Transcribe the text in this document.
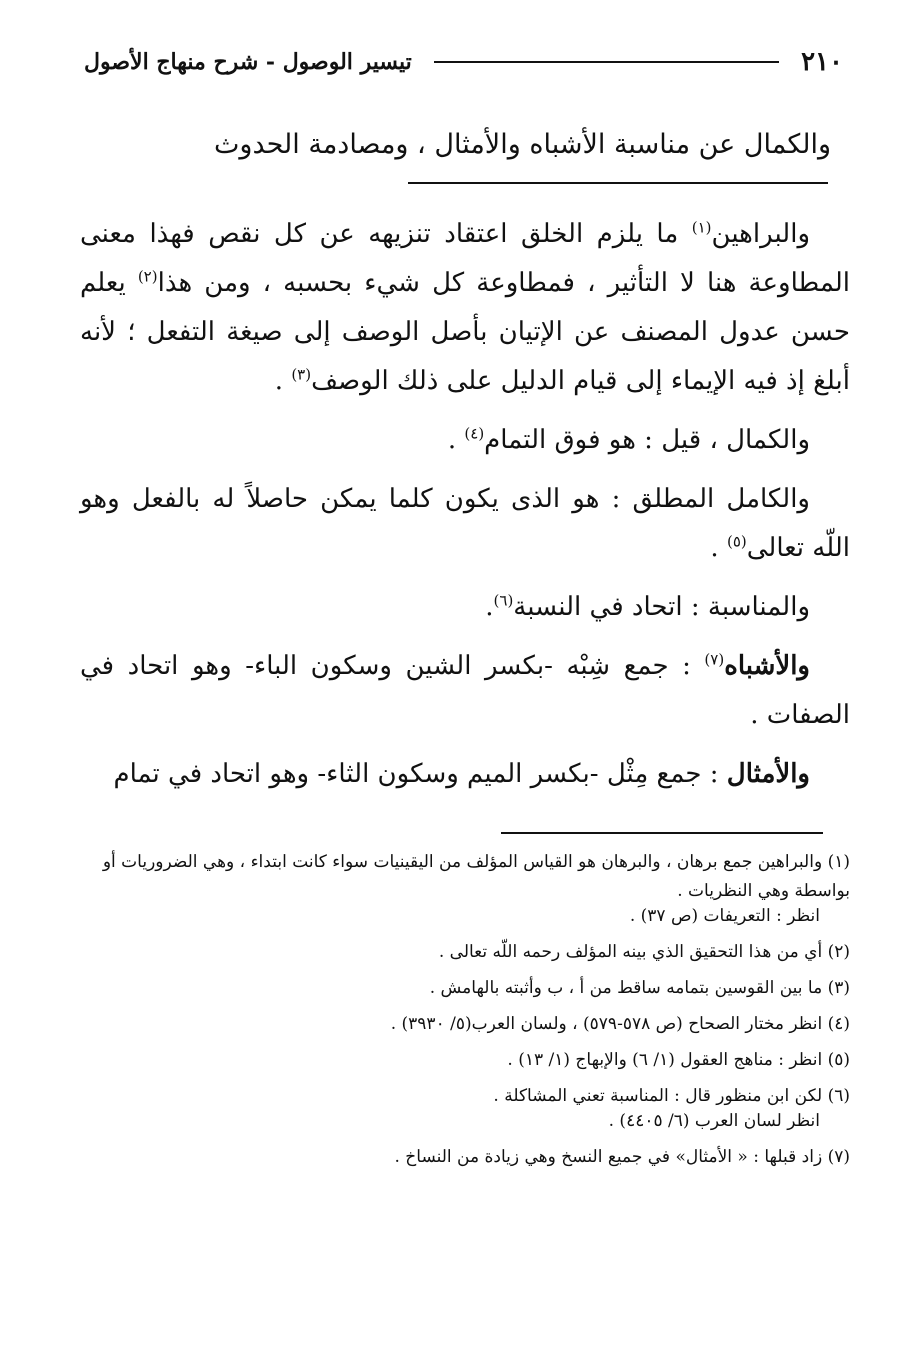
٢١٠
تيسير الوصول - شرح منهاج الأصول
والكمال عن مناسبة الأشباه والأمثال ، ومصادمة الحدوث

والبراهين$^{(١)}$ ما يلزم الخلق اعتقاد تنزيهه عن كل نقص فهذا معنى المطاوعة هنا لا التأثير ، فمطاوعة كل شيء بحسبه ، ومن هذا$^{(٢)}$ يعلم حسن عدول المصنف عن الإتيان بأصل الوصف إلى صيغة التفعل ؛ لأنه أبلغ إذ فيه الإيماء إلى قيام الدليل على ذلك الوصف$^{(٣)}$ .

والكمال ، قيل : هو فوق التمام$^{(٤)}$ .

والكامل المطلق : هو الذى يكون كلما يمكن حاصلاً له بالفعل وهو اللّه تعالى$^{(٥)}$ .

والمناسبة : اتحاد في النسبة$^{(٦)}$.

والأشباه$^{(٧)}$ : جمع شِبْه -بكسر الشين وسكون الباء- وهو اتحاد في الصفات .

والأمثال : جمع مِثْل -بكسر الميم وسكون الثاء- وهو اتحاد في تمام

(١) والبراهين جمع برهان ، والبرهان هو القياس المؤلف من اليقينيات سواء كانت ابتداء ، وهي الضروريات أو بواسطة وهي النظريات .
انظر : التعريفات (ص ٣٧) .
(٢) أي من هذا التحقيق الذي بينه المؤلف رحمه اللّه تعالى .
(٣) ما بين القوسين بتمامه ساقط من أ ، ب وأثبته بالهامش .
(٤) انظر مختار الصحاح (ص ٥٧٨-٥٧٩) ، ولسان العرب(٥/ ٣٩٣٠) .
(٥) انظر : مناهج العقول (١/ ٦) والإبهاج (١/ ١٣) .
(٦) لكن ابن منظور قال : المناسبة تعني المشاكلة .
انظر لسان العرب (٦/ ٤٤٠٥) .
(٧) زاد قبلها : « الأمثال» في جميع النسخ وهي زيادة من النساخ .
